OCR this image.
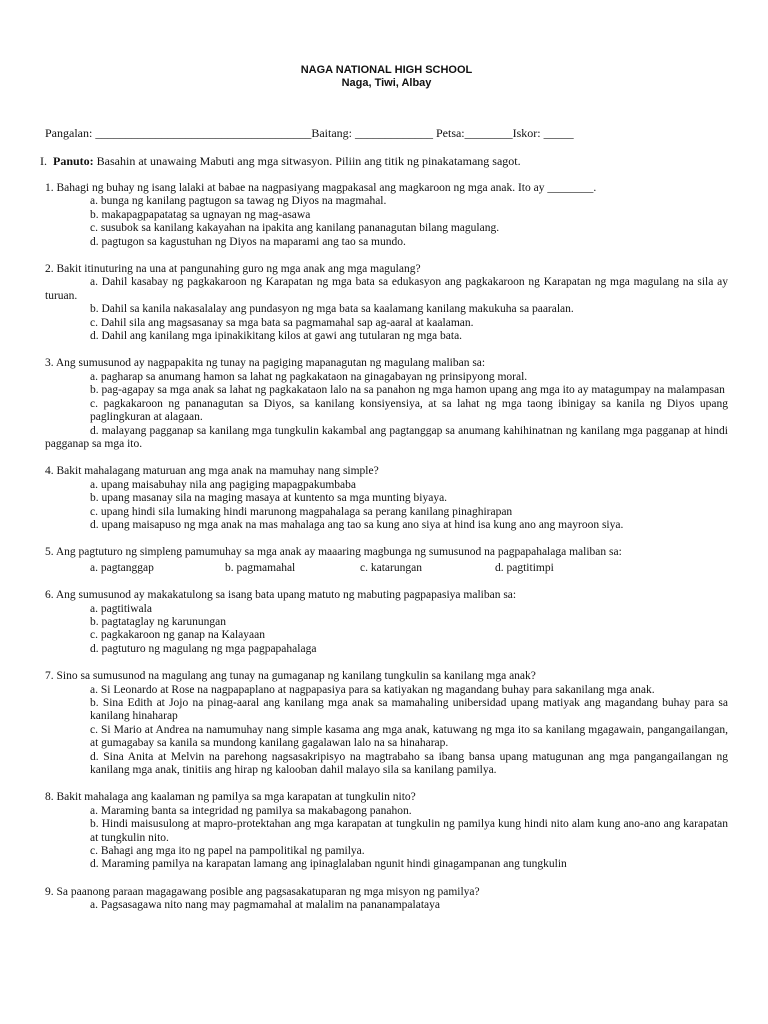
NAGA NATIONAL HIGH SCHOOL
Naga, Tiwi, Albay
Pangalan: ____________________________________Baitang: _____________ Petsa:________Iskor: _____
I. Panuto: Basahin at unawaing Mabuti ang mga sitwasyon. Piliin ang titik ng pinakatamang sagot.
1. Bahagi ng buhay ng isang lalaki at babae na nagpasiyang magpakasal ang magkaroon ng mga anak. Ito ay ________.
a. bunga ng kanilang pagtugon sa tawag ng Diyos na magmahal.
b. makapagpapatatag sa ugnayan ng mag-asawa
c. susubok sa kanilang kakayahan na ipakita ang kanilang pananagutan bilang magulang.
d. pagtugon sa kagustuhan ng Diyos na maparami ang tao sa mundo.
2. Bakit itinuturing na una at pangunahing guro ng mga anak ang mga magulang?
a. Dahil kasabay ng pagkakaroon ng Karapatan ng mga bata sa edukasyon ang pagkakaroon ng Karapatan ng mga magulang na sila ay turuan.
b. Dahil sa kanila nakasalalay ang pundasyon ng mga bata sa kaalamang kanilang makukuha sa paaralan.
c. Dahil sila ang magsasanay sa mga bata sa pagmamahal sap ag-aaral at kaalaman.
d. Dahil ang kanilang mga ipinakikitang kilos at gawi ang tutularan ng mga bata.
3. Ang sumusunod ay nagpapakita ng tunay na pagiging mapanagutan ng magulang maliban sa:
a. pagharap sa anumang hamon sa lahat ng pagkakataon na ginagabayan ng prinsipyong moral.
b. pag-agapay sa mga anak sa lahat ng pagkakataon lalo na sa panahon ng mga hamon upang ang mga ito ay matagumpay na malampasan
c. pagkakaroon ng pananagutan sa Diyos, sa kanilang konsiyensiya, at sa lahat ng mga taong ibinigay sa kanila ng Diyos upang paglingkuran at alagaan.
d. malayang pagganap sa kanilang mga tungkulin kakambal ang pagtanggap sa anumang kahihinatnan ng kanilang mga pagganap at hindi pagganap sa mga ito.
4. Bakit mahalagang maturuan ang mga anak na mamuhay nang simple?
a. upang maisabuhay nila ang pagiging mapagpakumbaba
b. upang masanay sila na maging masaya at kuntento sa mga munting biyaya.
c. upang hindi sila lumaking hindi marunong magpahalaga sa perang kanilang pinaghirapan
d. upang maisapuso ng mga anak na mas mahalaga ang tao sa kung ano siya at hind isa kung ano ang mayroon siya.
5. Ang pagtuturo ng simpleng pamumuhay sa mga anak ay maaaring magbunga ng sumusunod na pagpapahalaga maliban sa:
a. pagtanggap	b. pagmamahal	c. katarungan	d. pagtitimpi
6. Ang sumusunod ay makakatulong sa isang bata upang matuto ng mabuting pagpapasiya maliban sa:
a. pagtitiwala
b. pagtataglay ng karunungan
c. pagkakaroon ng ganap na Kalayaan
d. pagtuturo ng magulang ng mga pagpapahalaga
7. Sino sa sumusunod na magulang ang tunay na gumaganap ng kanilang tungkulin sa kanilang mga anak?
a. Si Leonardo at Rose na nagpapaplano at nagpapasiya para sa katiyakan ng magandang buhay para sakanilang mga anak.
b. Sina Edith at Jojo na pinag-aaral ang kanilang mga anak sa mamahaling unibersidad upang matiyak ang magandang buhay para sa kanilang hinaharap
c. Si Mario at Andrea na namumuhay nang simple kasama ang mga anak, katuwang ng mga ito sa kanilang mgagawain, pangangailangan, at gumagabay sa kanila sa mundong kanilang gagalawan lalo na sa hinaharap.
d. Sina Anita at Melvin na parehong nagsasakripisyo na magtrabaho sa ibang bansa upang matugunan ang mga pangangailangan ng kanilang mga anak, tinitiis ang hirap ng kalooban dahil malayo sila sa kanilang pamilya.
8. Bakit mahalaga ang kaalaman ng pamilya sa mga karapatan at tungkulin nito?
a. Maraming banta sa integridad ng pamilya sa makabagong panahon.
b. Hindi maisusulong at mapro-protektahan ang mga karapatan at tungkulin ng pamilya kung hindi nito alam kung ano-ano ang karapatan at tungkulin nito.
c. Bahagi ang mga ito ng papel na pampolitikal ng pamilya.
d. Maraming pamilya na karapatan lamang ang ipinaglalaban ngunit hindi ginagampanan ang tungkulin
9. Sa paanong paraan magagawang posible ang pagsasakatuparan ng mga misyon ng pamilya?
a. Pagsasagawa nito nang may pagmamahal at malalim na pananampalataya
